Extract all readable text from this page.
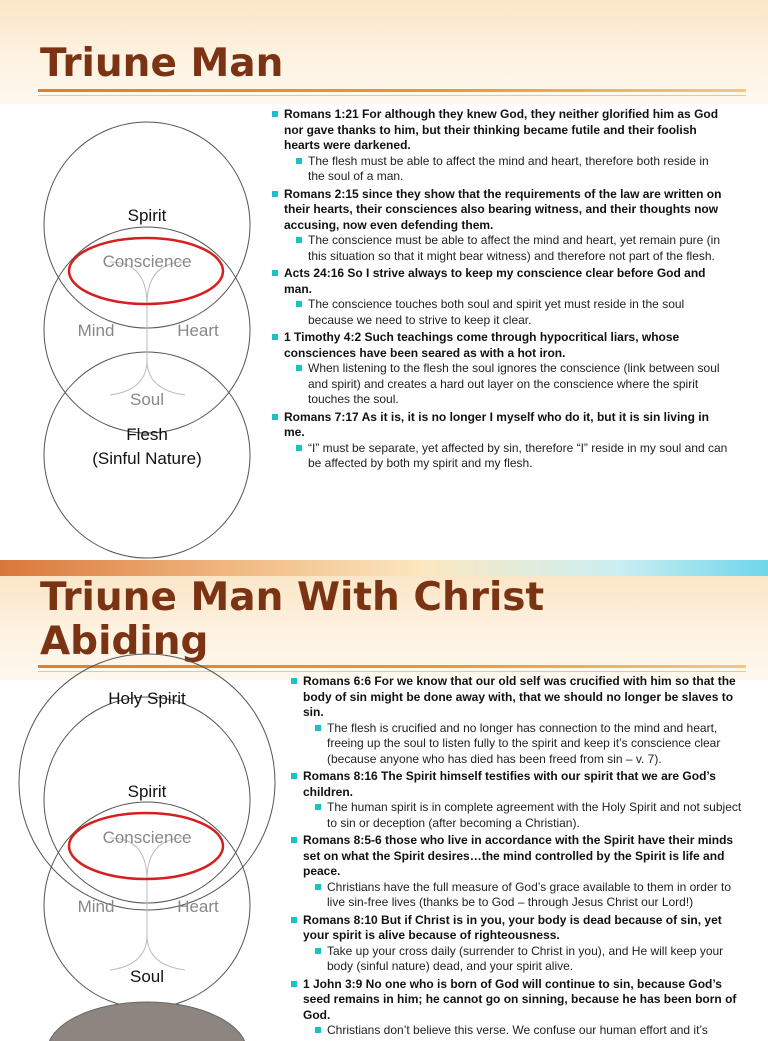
Triune Man
Spirit
Conscience
Mind	Heart
Soul
Flesh
(Sinful Nature)
Romans 1:21 For although they knew God, they neither glorified him as God nor gave thanks to him, but their thinking became futile and their foolish hearts were darkened.
The flesh must be able to affect the mind and heart, therefore both reside in the soul of a man.
Romans 2:15 since they show that the requirements of the law are written on their hearts, their consciences also bearing witness, and their thoughts now accusing, now even defending them.
The conscience must be able to affect the mind and heart, yet remain pure (in this situation so that it might bear witness) and therefore not part of the flesh.
Acts 24:16 So I strive always to keep my conscience clear before God and man.
The conscience touches both soul and spirit yet must reside in the soul because we need to strive to keep it clear.
1 Timothy 4:2 Such teachings come through hypocritical liars, whose consciences have been seared as with a hot iron.
When listening to the flesh the soul ignores the conscience (link between soul and spirit) and creates a hard out layer on the conscience where the spirit touches the soul.
Romans 7:17 As it is, it is no longer I myself who do it, but it is sin living in me.
“I” must be separate, yet affected by sin, therefore “I” reside in my soul and can be affected by both my spirit and my flesh.
Triune Man With Christ
Abiding
Holy Spirit
Spirit
Conscience
Mind	Heart
Soul
Romans 6:6 For we know that our old self was crucified with him so that the body of sin might be done away with, that we should no longer be slaves to sin.
The flesh is crucified and no longer has connection to the mind and heart, freeing up the soul to listen fully to the spirit and keep it’s conscience clear (because anyone who has died has been freed from sin – v. 7).
Romans 8:16 The Spirit himself testifies with our spirit that we are God’s children.
The human spirit is in complete agreement with the Holy Spirit and not subject to sin or deception (after becoming a Christian).
Romans 8:5-6 those who live in accordance with the Spirit have their minds set on what the Spirit desires…the mind controlled by the Spirit is life and peace.
Christians have the full measure of God’s grace available to them in order to live sin-free lives (thanks be to God – through Jesus Christ our Lord!)
Romans 8:10 But if Christ is in you, your body is dead because of sin, yet your spirit is alive because of righteousness.
Take up your cross daily (surrender to Christ in you), and He will keep your body (sinful nature) dead, and your spirit alive.
1 John 3:9 No one who is born of God will continue to sin, because God’s seed remains in him; he cannot go on sinning, because he has been born of God.
Christians don’t believe this verse. We confuse our human effort and it’s
